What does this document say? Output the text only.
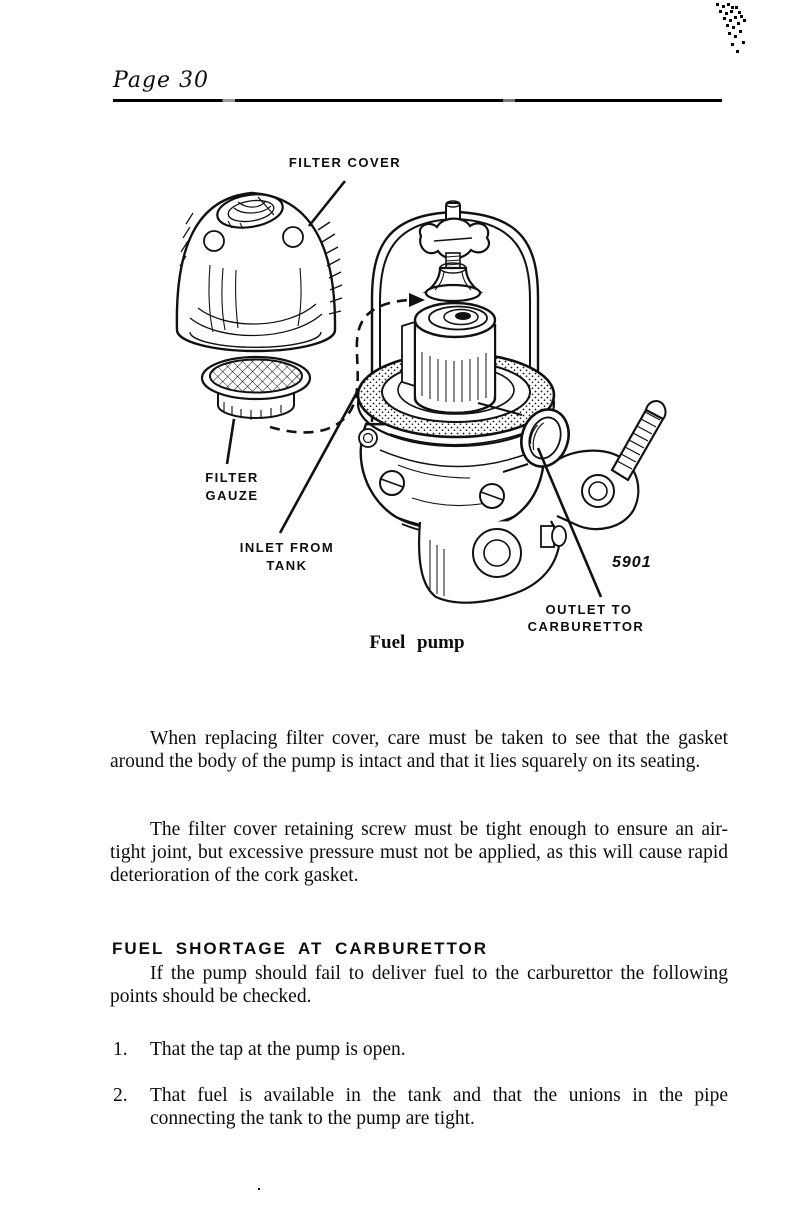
Page 30
FILTER COVER
FILTER
GAUZE
INLET FROM
TANK
OUTLET TO
CARBURETTOR
5901
Fuel pump

When replacing filter cover, care must be taken to see that the gasket around the body of the pump is intact and that it lies squarely on its seating.

The filter cover retaining screw must be tight enough to ensure an air-tight joint, but excessive pressure must not be applied, as this will cause rapid deterioration of the cork gasket.

FUEL SHORTAGE AT CARBURETTOR

If the pump should fail to deliver fuel to the carburettor the following points should be checked.

1.	That the tap at the pump is open.
2.	That fuel is available in the tank and that the unions in the pipe connecting the tank to the pump are tight.
